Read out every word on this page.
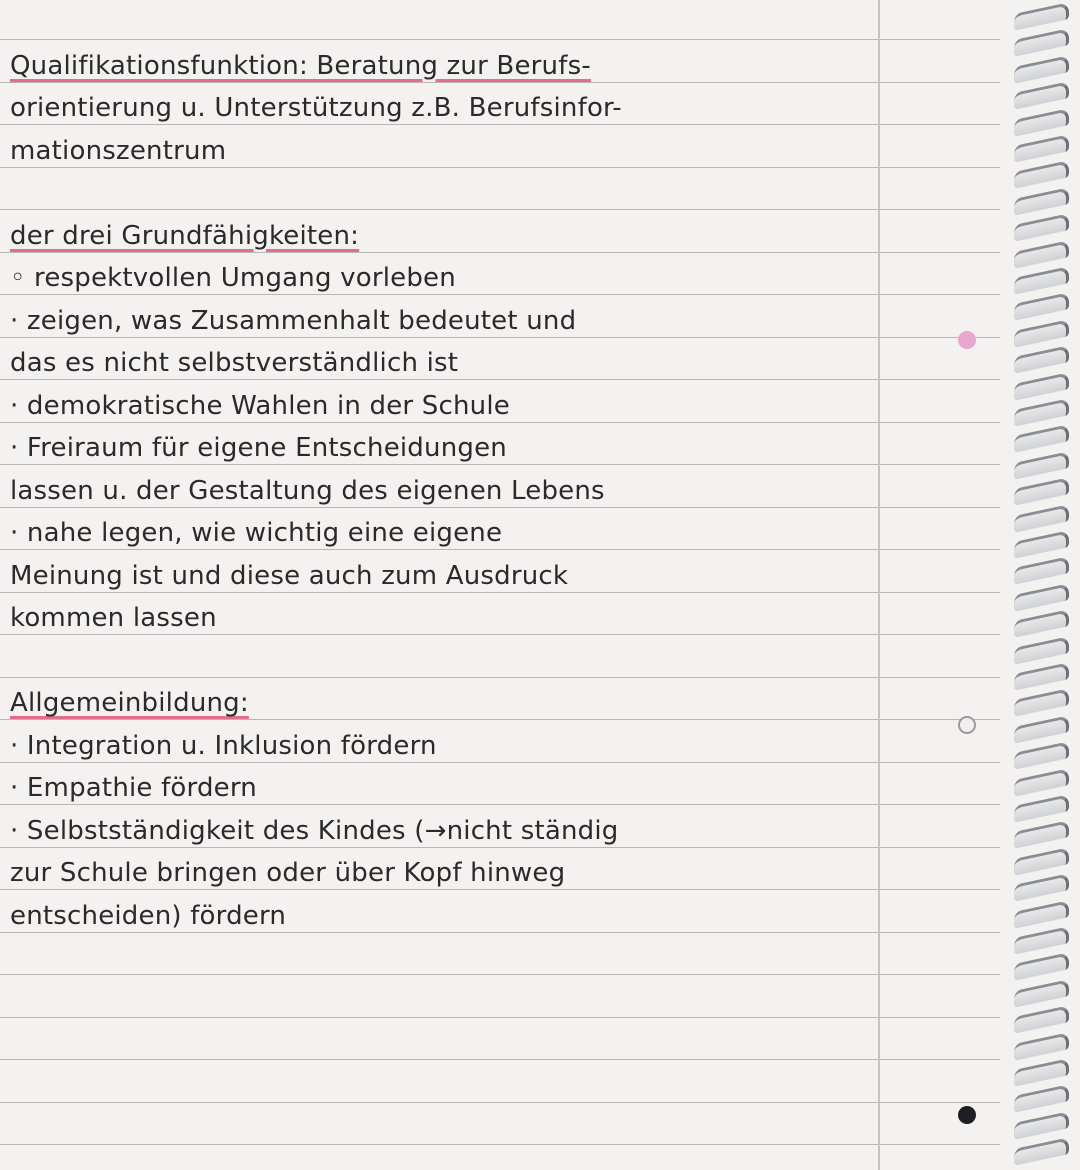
Qualifikationsfunktion: Beratung zur Berufs-
orientierung u. Unterstützung z.B. Berufsinfor-
mationszentrum
der drei Grundfähigkeiten:
◦ respektvollen Umgang vorleben
· zeigen, was Zusammenhalt bedeutet und
das es nicht selbstverständlich ist
· demokratische Wahlen in der Schule
· Freiraum für eigene Entscheidungen
lassen u. der Gestaltung des eigenen Lebens
· nahe legen, wie wichtig eine eigene
Meinung ist und diese auch zum Ausdruck
kommen lassen
Allgemeinbildung:
· Integration u. Inklusion fördern
· Empathie fördern
· Selbstständigkeit des Kindes (→nicht ständig
zur Schule bringen oder über Kopf hinweg
entscheiden) fördern
